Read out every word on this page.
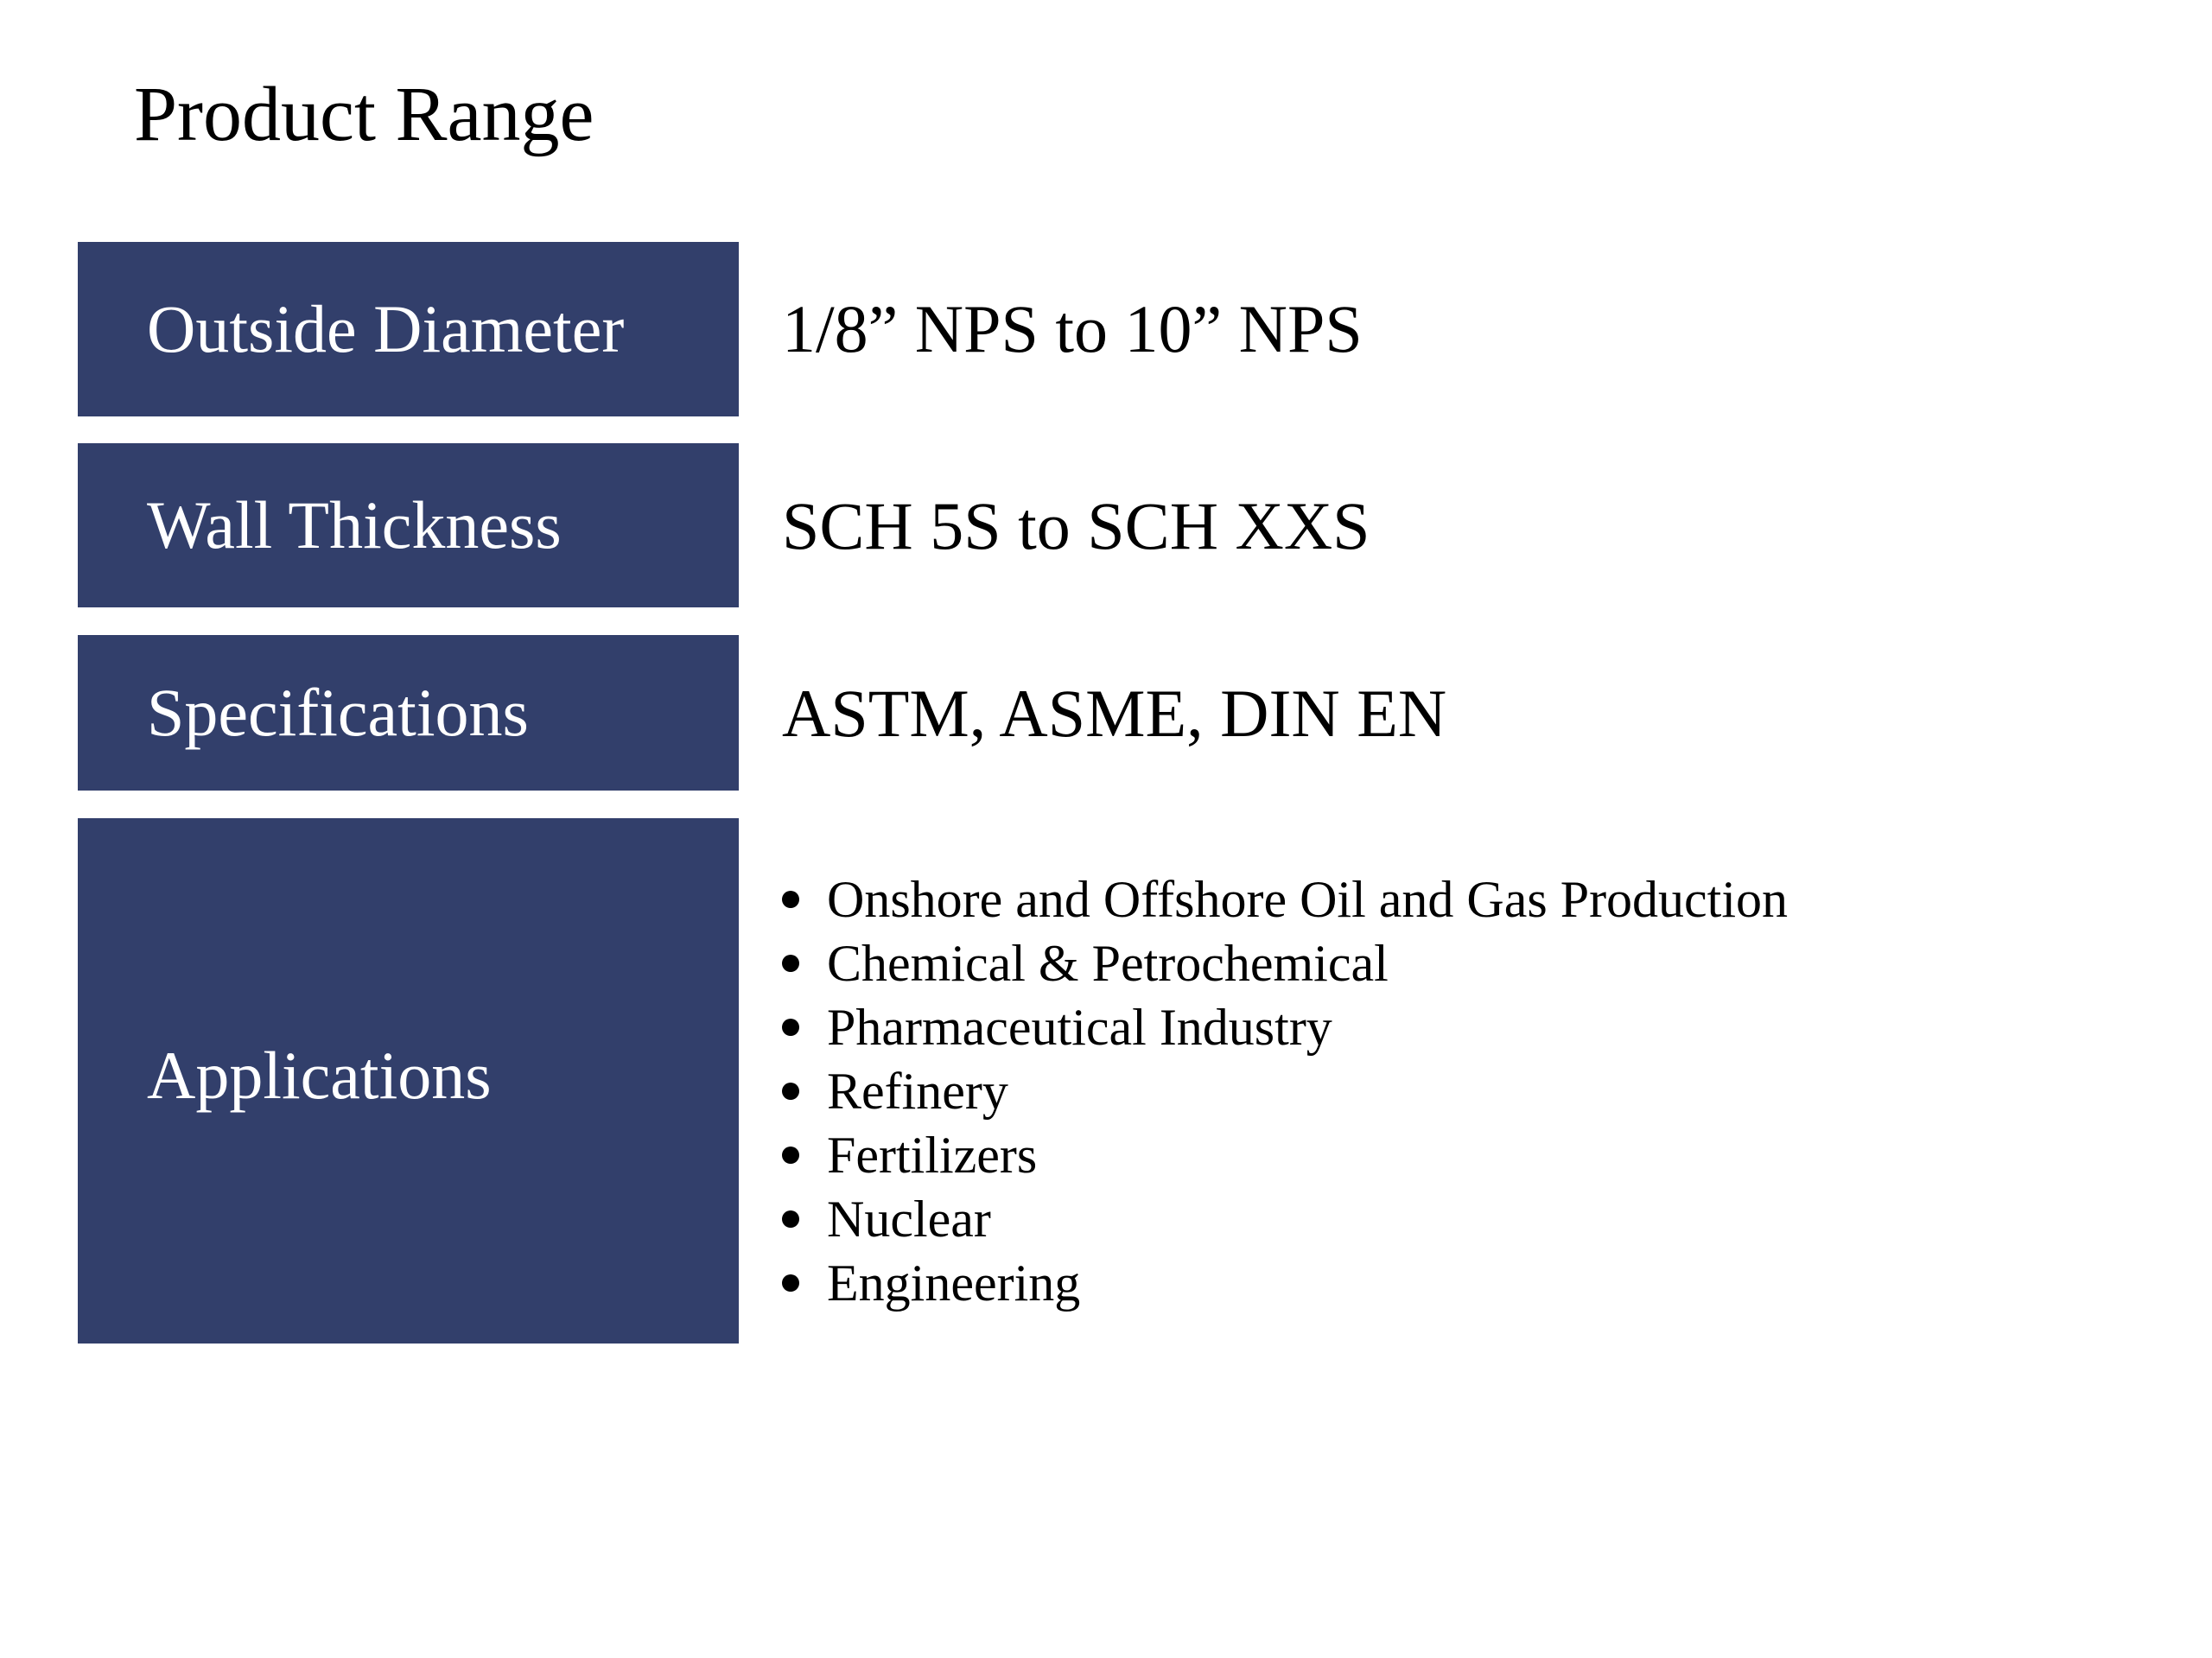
Product Range
Outside Diameter 1/8” NPS to 10” NPS
Wall Thickness	SCH 5S to SCH XXS
Specifications	ASTM, ASME, DIN EN
Applications
Onshore and Offshore Oil and Gas Production
Chemical & Petrochemical
Pharmaceutical Industry
Refinery
Fertilizers
Nuclear
Engineering
